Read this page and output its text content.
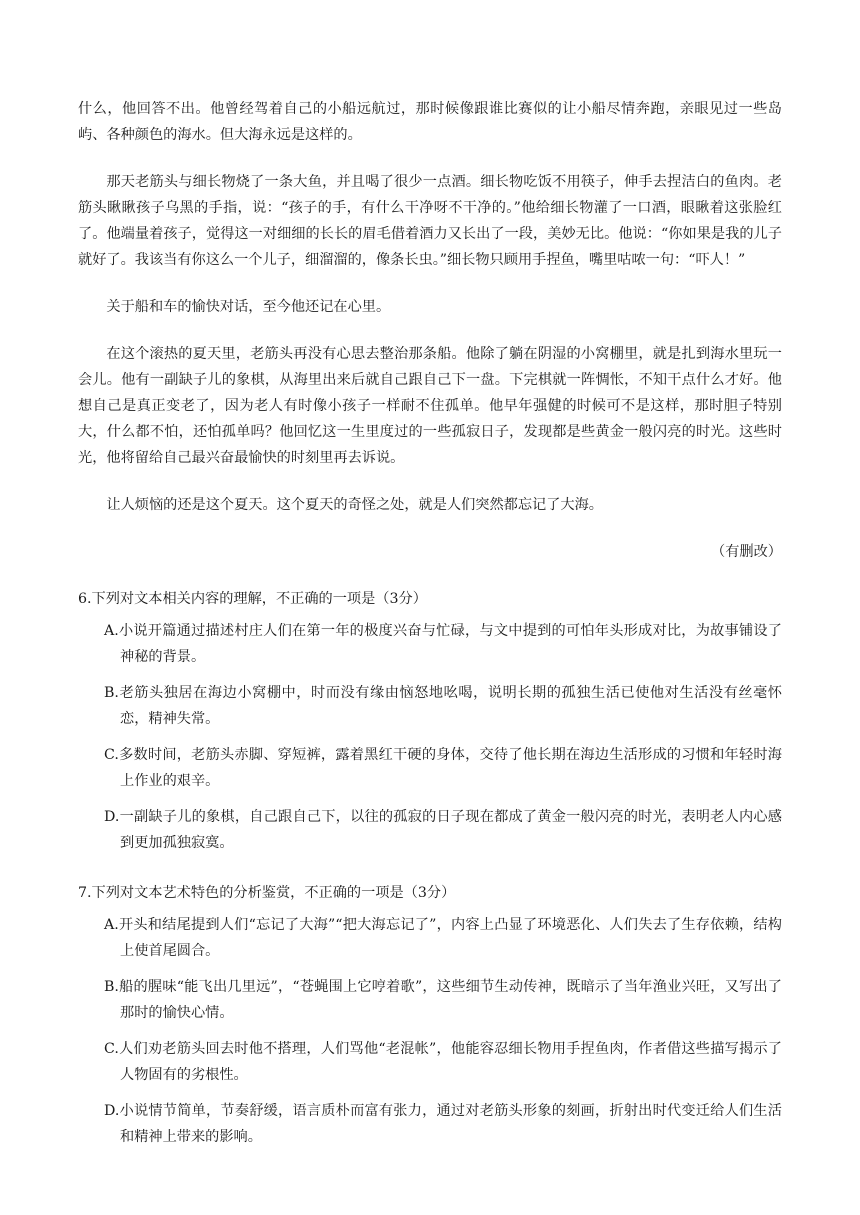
什么，他回答不出。他曾经驾着自己的小船远航过，那时候像跟谁比赛似的让小船尽情奔跑，亲眼见过一些岛屿、各种颜色的海水。但大海永远是这样的。

那天老筋头与细长物烧了一条大鱼，并且喝了很少一点酒。细长物吃饭不用筷子，伸手去捏洁白的鱼肉。老筋头瞅瞅孩子乌黑的手指，说：“孩子的手，有什么干净呀不干净的。”他给细长物灌了一口酒，眼瞅着这张脸红了。他端量着孩子，觉得这一对细细的长长的眉毛借着酒力又长出了一段，美妙无比。他说：“你如果是我的儿子就好了。我该当有你这么一个儿子，细溜溜的，像条长虫。”细长物只顾用手捏鱼，嘴里咕哝一句：“吓人！”

关于船和车的愉快对话，至今他还记在心里。

在这个滚热的夏天里，老筋头再没有心思去整治那条船。他除了躺在阴湿的小窝棚里，就是扎到海水里玩一会儿。他有一副缺子儿的象棋，从海里出来后就自己跟自己下一盘。下完棋就一阵惆怅，不知干点什么才好。他想自己是真正变老了，因为老人有时像小孩子一样耐不住孤单。他早年强健的时候可不是这样，那时胆子特别大，什么都不怕，还怕孤单吗？他回忆这一生里度过的一些孤寂日子，发现都是些黄金一般闪亮的时光。这些时光，他将留给自己最兴奋最愉快的时刻里再去诉说。

让人烦恼的还是这个夏天。这个夏天的奇怪之处，就是人们突然都忘记了大海。

（有删改）
6.下列对文本相关内容的理解，不正确的一项是（3分）
A.小说开篇通过描述村庄人们在第一年的极度兴奋与忙碌，与文中提到的可怕年头形成对比，为故事铺设了神秘的背景。
B.老筋头独居在海边小窝棚中，时而没有缘由恼怒地吆喝，说明长期的孤独生活已使他对生活没有丝毫怀恋，精神失常。
C.多数时间，老筋头赤脚、穿短裤，露着黑红干硬的身体，交待了他长期在海边生活形成的习惯和年轻时海上作业的艰辛。
D.一副缺子儿的象棋，自己跟自己下，以往的孤寂的日子现在都成了黄金一般闪亮的时光，表明老人内心感到更加孤独寂寞。
7.下列对文本艺术特色的分析鉴赏，不正确的一项是（3分）
A.开头和结尾提到人们“忘记了大海”“把大海忘记了”，内容上凸显了环境恶化、人们失去了生存依赖，结构上使首尾圆合。
B.船的腥味“能飞出几里远”，“苍蝇围上它哼着歌”，这些细节生动传神，既暗示了当年渔业兴旺，又写出了那时的愉快心情。
C.人们劝老筋头回去时他不搭理，人们骂他“老混帐”，他能容忍细长物用手捏鱼肉，作者借这些描写揭示了人物固有的劣根性。
D.小说情节简单，节奏舒缓，语言质朴而富有张力，通过对老筋头形象的刻画，折射出时代变迁给人们生活和精神上带来的影响。
